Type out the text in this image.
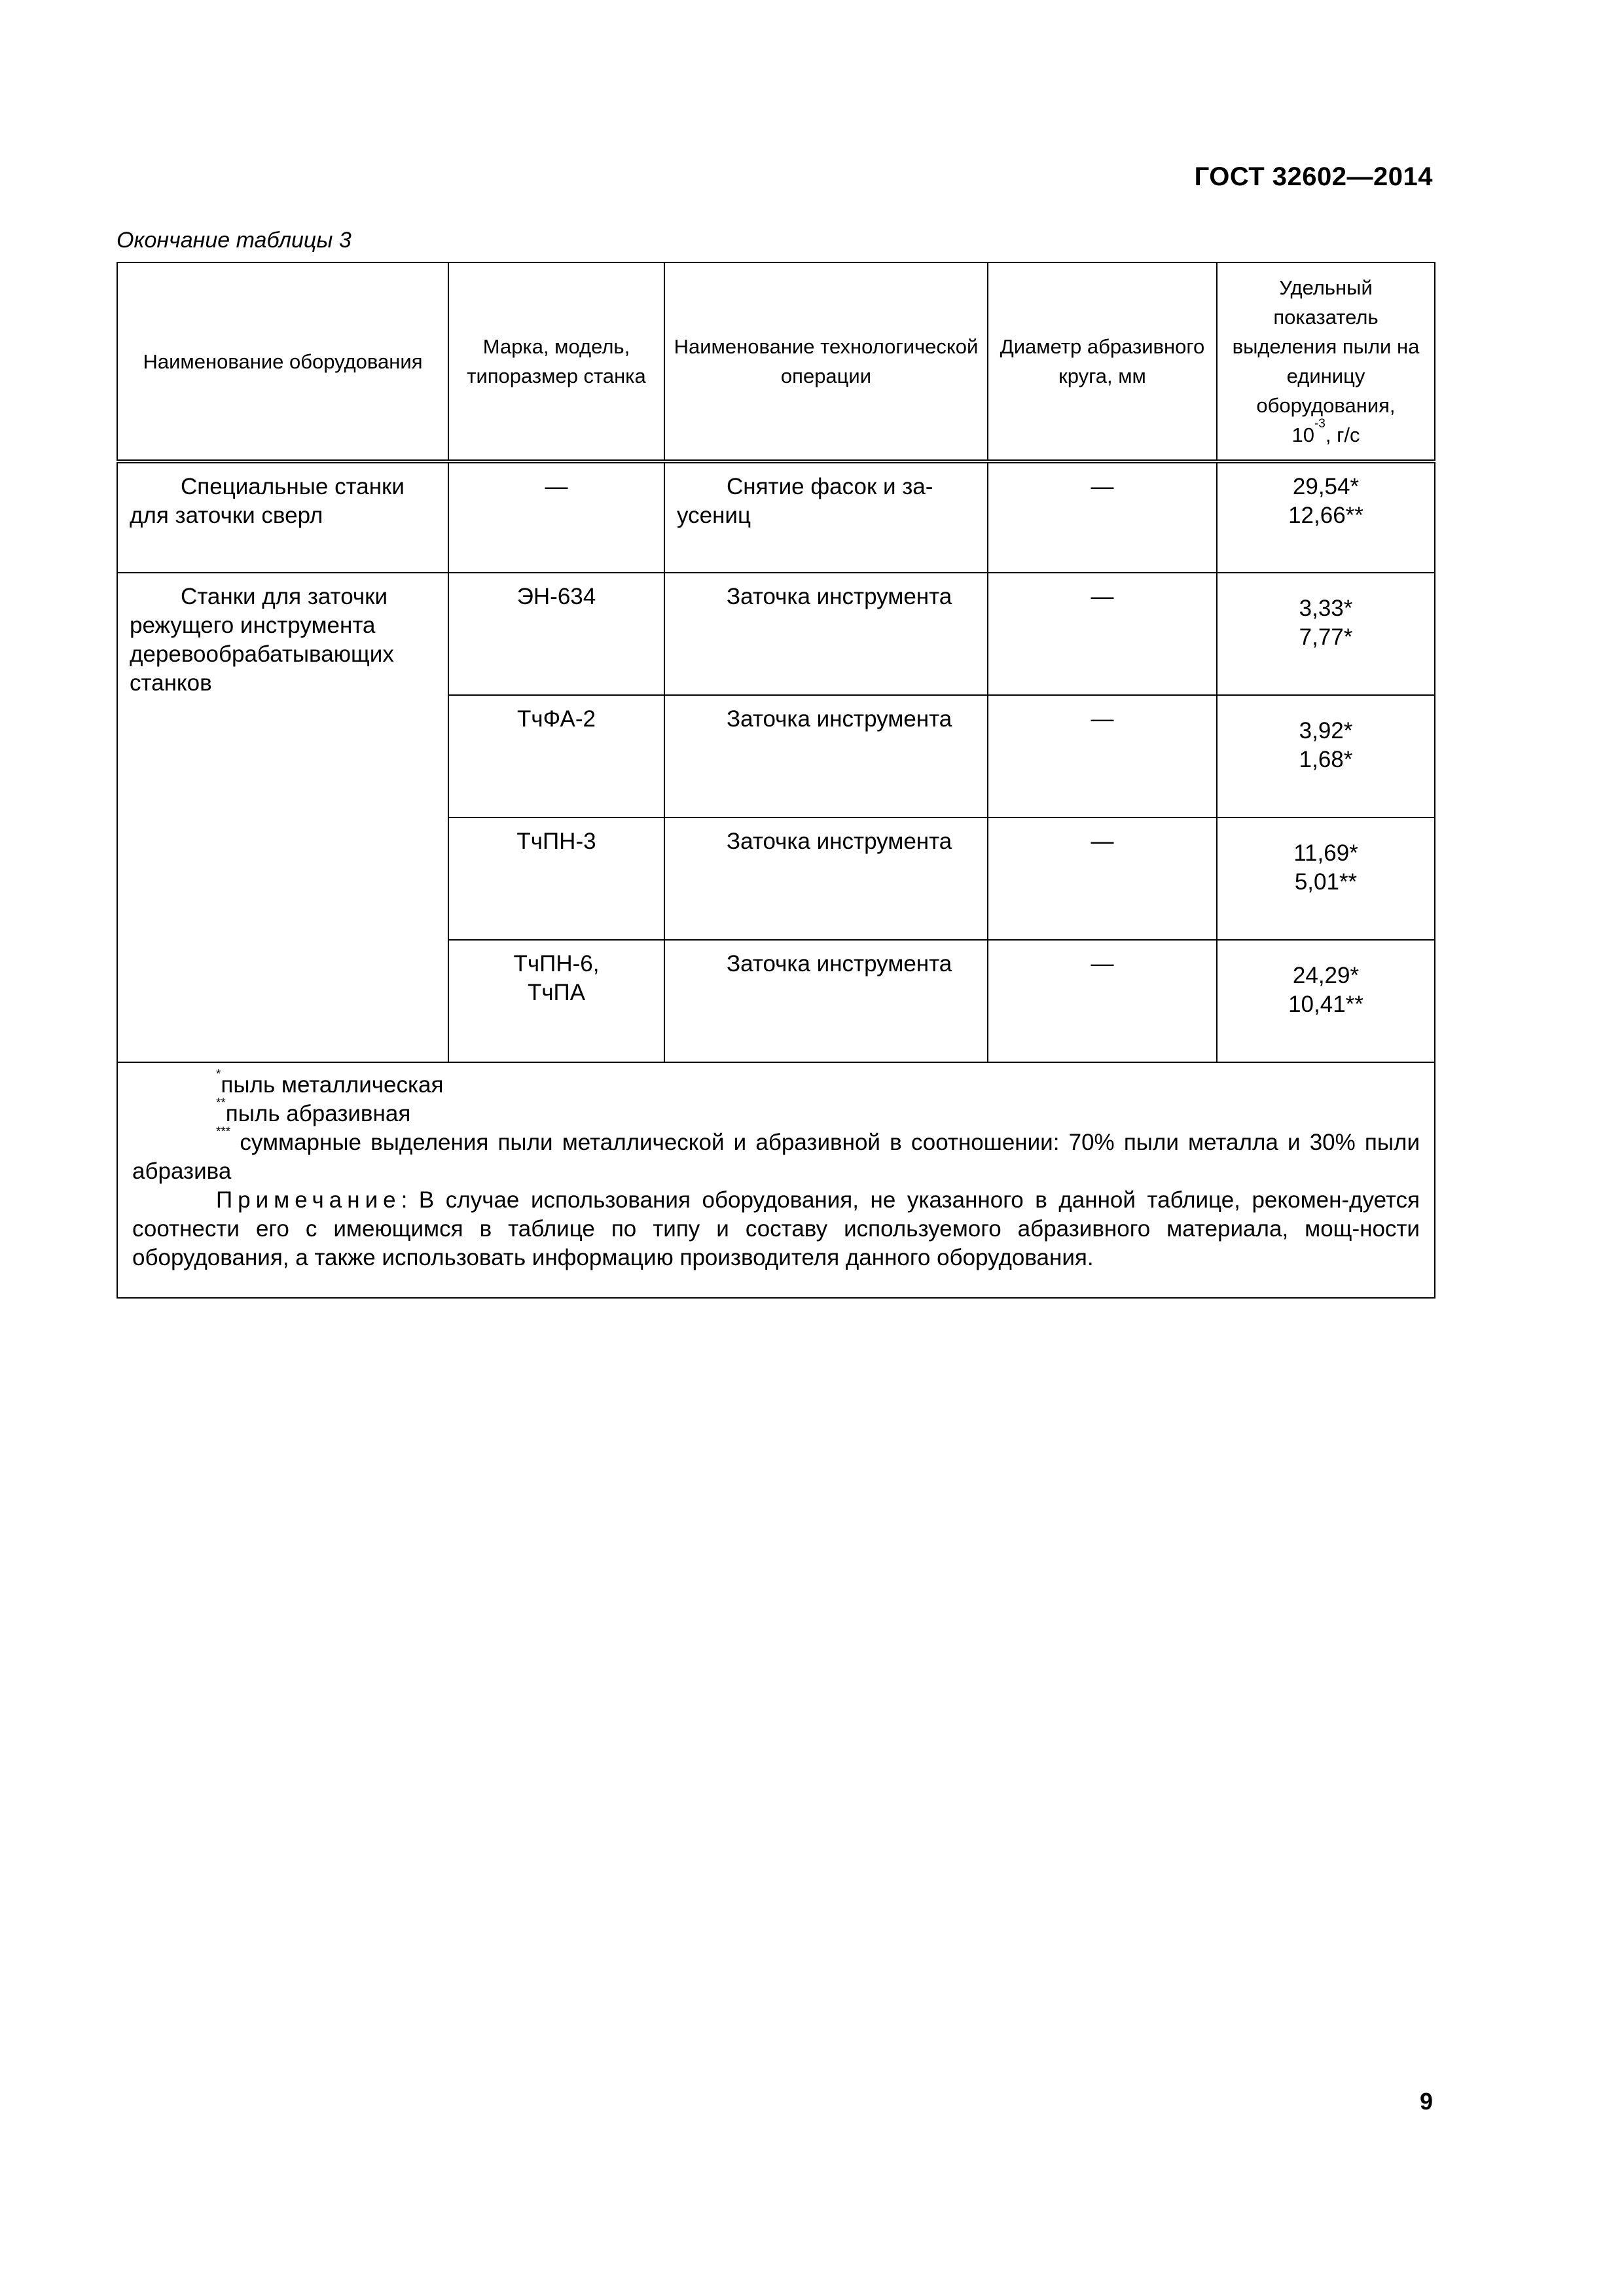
ГОСТ 32602—2014
Окончание таблицы 3
Наименование оборудования	Марка, модель, типоразмер станка	Наименование технологической операции	Диаметр абразивного круга, мм	Удельный показатель выделения пыли на единицу оборудования,
$10^{-3}$, г/с
Специальные станки для заточки сверл	—	Снятие фасок и за-усениц	—	29,54*
12,66**
Станки для заточки режущего инструмента деревообрабатывающих станков	ЭН-634	Заточка инструмента	—	3,33*
7,77*
	ТчФА-2	Заточка инструмента	—	3,92*
1,68*
	ТчПН-3	Заточка инструмента	—	11,69*
5,01**
	ТчПН-6,
ТчПА	Заточка инструмента	—	24,29*
10,41**

*пыль металлическая
**пыль абразивная
*** суммарные выделения пыли металлической и абразивной в соотношении: 70% пыли металла и 30% пыли абразива
Примечание: В случае использования оборудования, не указанного в данной таблице, рекомен-дуется соотнести его с имеющимся в таблице по типу и составу используемого абразивного материала, мощ-ности оборудования, а также использовать информацию производителя данного оборудования.				
9
